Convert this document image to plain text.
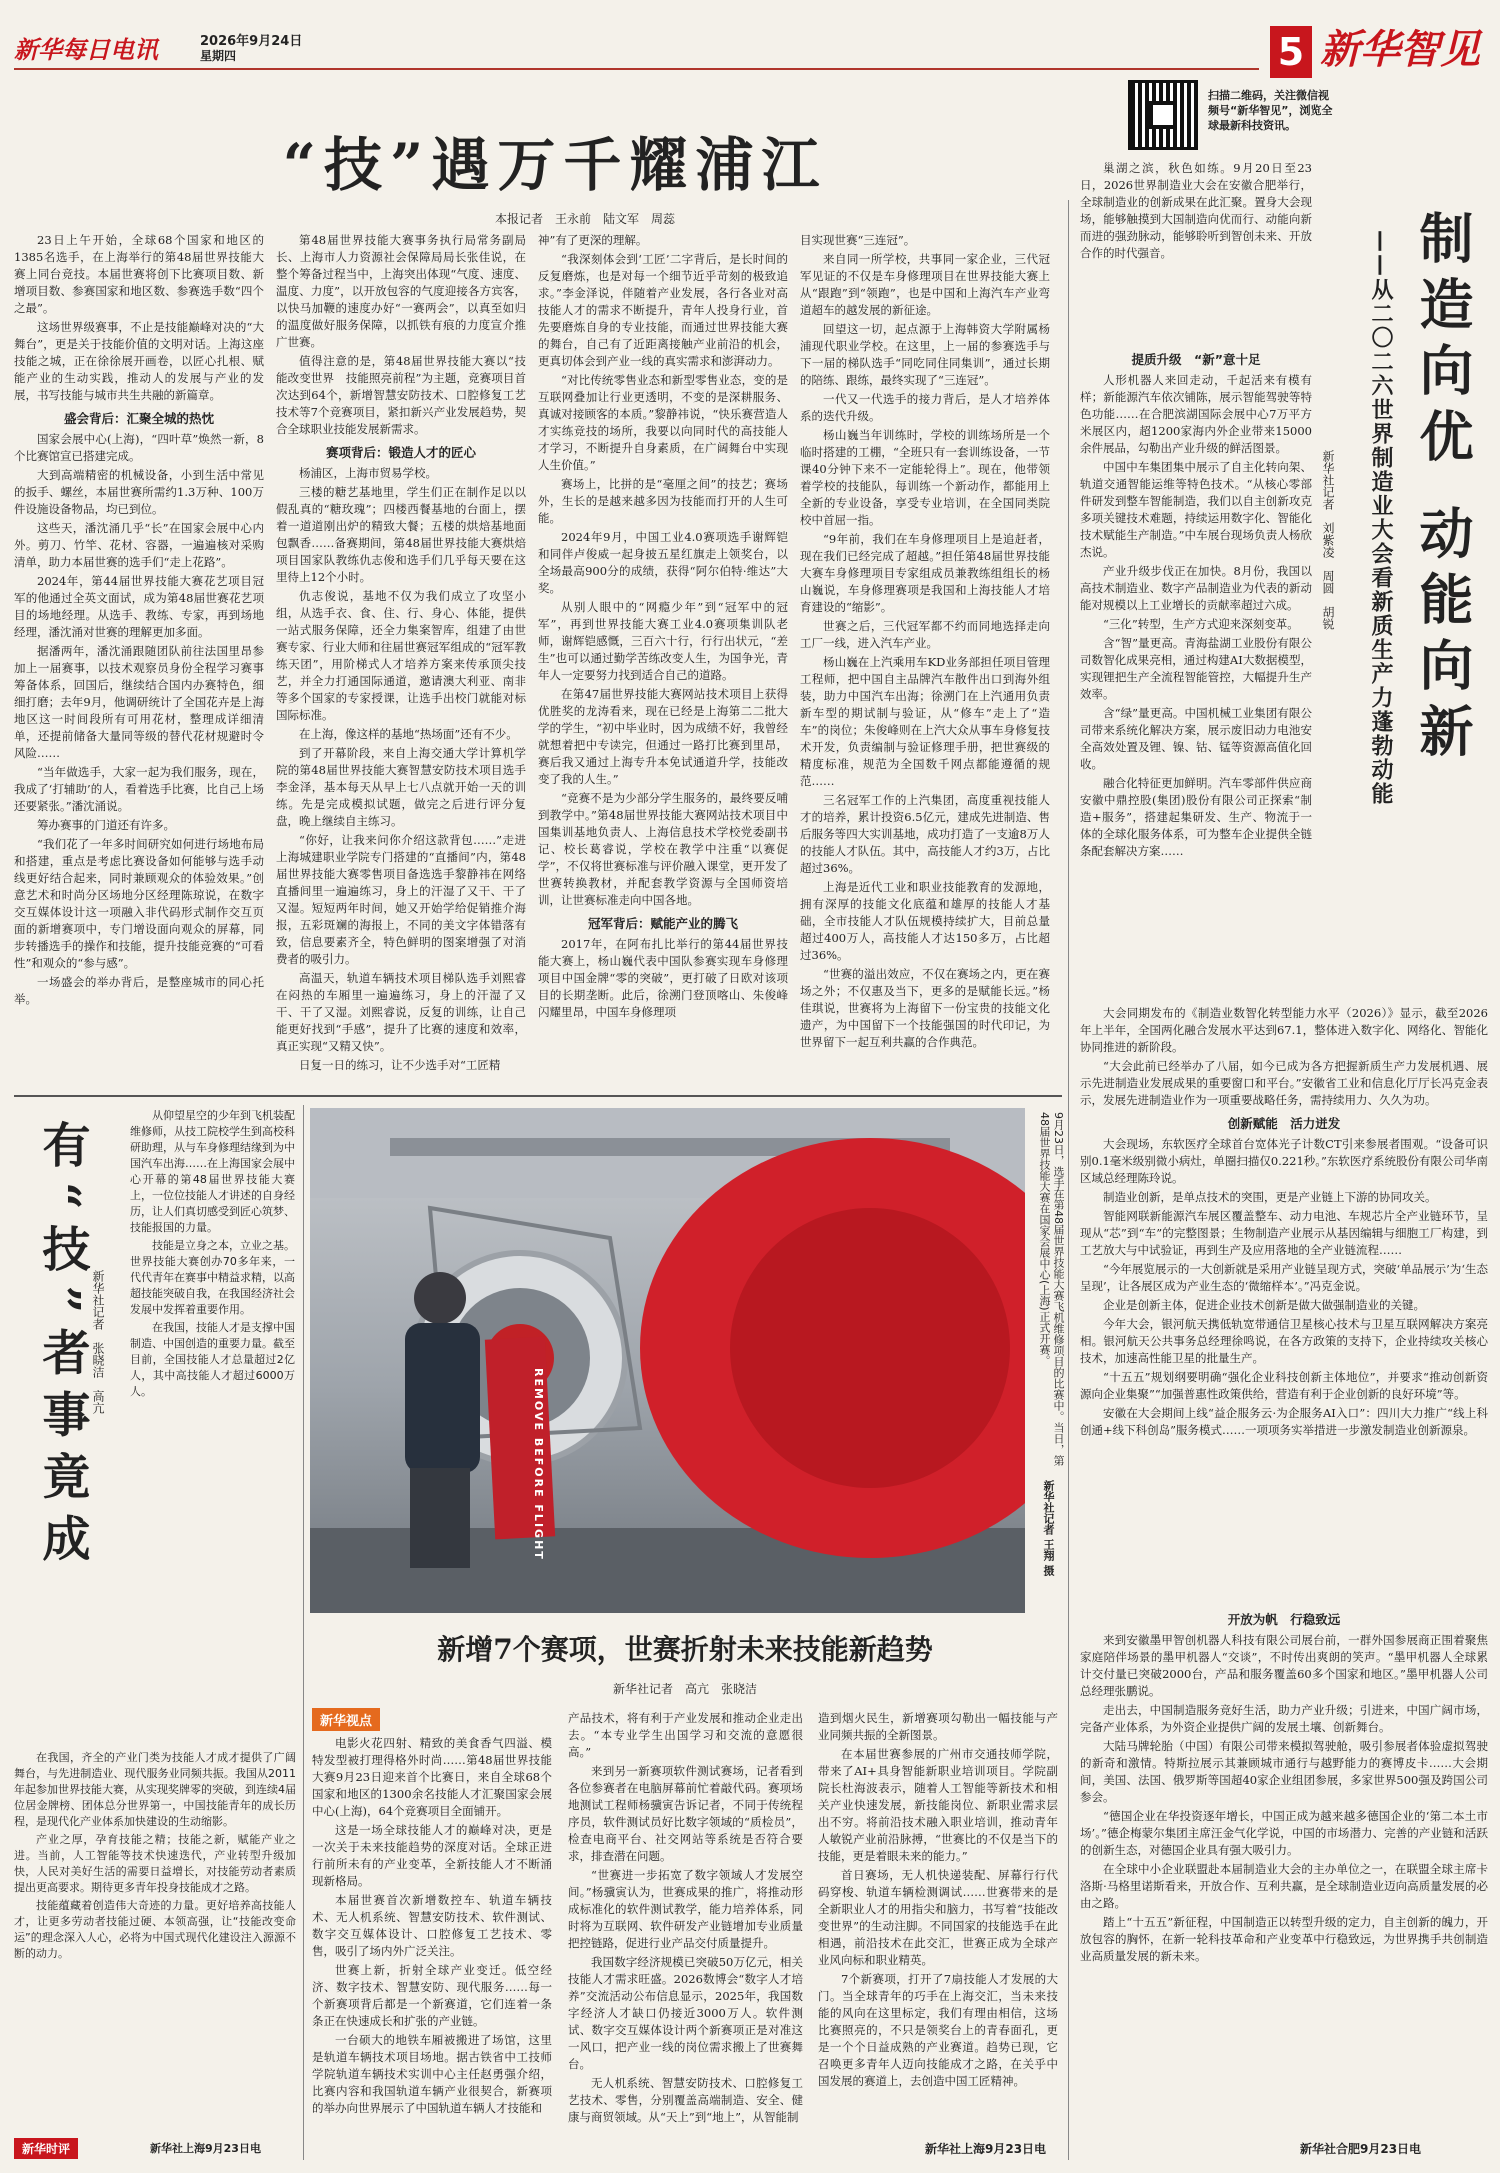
新华每日电讯	2026年9月24日
星期四	5 新华智见
扫描二维码，关注微信视频号“新华智见”，浏览全球最新科技资讯。
“技”遇万千耀浦江
本报记者　王永前　陆文军　周蕊

23日上午开始，全球68个国家和地区的1385名选手，在上海举行的第48届世界技能大赛上同台竞技。本届世赛将创下比赛项目数、新增项目数、参赛国家和地区数、参赛选手数“四个之最”。

这场世界级赛事，不止是技能巅峰对决的“大舞台”，更是关于技能价值的文明对话。上海这座技能之城，正在徐徐展开画卷，以匠心扎根、赋能产业的生动实践，推动人的发展与产业的发展，书写技能与城市共生共融的新篇章。

盛会背后：汇聚全城的热忱

国家会展中心(上海)，“四叶草”焕然一新，8个比赛馆宣已搭建完成。

大到高端精密的机械设备，小到生活中常见的扳手、螺丝，本届世赛所需约1.3万种、100万件设施设备物品，均已到位。

这些天，潘沈涌几乎“长”在国家会展中心内外。剪刀、竹竿、花材、容器，一遍遍核对采购清单，助力本届世赛的选手们“走上花路”。

2024年，第44届世界技能大赛花艺项目冠军的他通过全英文面试，成为第48届世赛花艺项目的场地经理。从选手、教练、专家，再到场地经理，潘沈涌对世赛的理解更加多面。

据潘两年，潘沈涌跟随团队前往法国里昂参加上一届赛事，以技术观察员身份全程学习赛事筹备体系，回国后，继续结合国内办赛特色，细细打磨；去年9月，他调研统计了全国花卉是上海地区这一时间段所有可用花材，整理成详细清单，还提前储备大量同等级的替代花材规避时令风险……

“当年做选手，大家一起为我们服务，现在，我成了‘打辅助’的人，看着选手比赛，比自己上场还要紧张。”潘沈涌说。

筹办赛事的门道还有许多。

“我们花了一年多时间研究如何进行场地布局和搭建，重点是考虑比赛设备如何能够与选手动线更好结合起来，同时兼顾观众的体验效果。”创意艺术和时尚分区场地分区经理陈琼说，在数字交互媒体设计这一项融入非代码形式制作交互页面的新增赛项中，专门增设面向观众的屏幕，同步转播选手的操作和技能，提升技能竞赛的“可看性”和观众的“参与感”。

一场盛会的举办背后，是整座城市的同心托举。

第48届世界技能大赛事务执行局常务副局长、上海市人力资源社会保障局局长张佳说，在整个筹备过程当中，上海突出体现“气度、速度、温度、力度”，以开放包容的气度迎接各方宾客，以快马加鞭的速度办好“一赛两会”，以真至如归的温度做好服务保障，以抓铁有痕的力度宣介推广世赛。

值得注意的是，第48届世界技能大赛以“技能改变世界　技能照亮前程”为主题，竞赛项目首次达到64个，新增智慧安防技术、口腔修复工艺技术等7个竞赛项目，紧扣新兴产业发展趋势，契合全球职业技能发展新需求。

赛项背后：锻造人才的匠心

杨浦区，上海市贸易学校。

三楼的糖艺基地里，学生们正在制作足以以假乱真的“糖玫瑰”；四楼西餐基地的台面上，摆着一道道刚出炉的精致大餐；五楼的烘焙基地面包飘香……备赛期间，第48届世界技能大赛烘焙项目国家队教练仇志俊和选手们几乎每天要在这里待上12个小时。

仇志俊说，基地不仅为我们成立了攻坚小组，从选手衣、食、住、行、身心、体能，提供一站式服务保障，还全力集案智库，组建了由世赛专家、行业大师和往届世赛冠军组成的“冠军教练天团”，用阶梯式人才培养方案来传承顶尖技艺，并全力打通国际通道，邀请澳大利亚、南非等多个国家的专家授课，让选手出校门就能对标国际标准。

在上海，像这样的基地“热场面”还有不少。

到了开幕阶段，来自上海交通大学计算机学院的第48届世界技能大赛智慧安防技术项目选手李金泽，基本每天从早上七八点就开始一天的训练。先是完成模拟试题，做完之后进行评分复盘，晚上继续自主练习。

“你好，让我来问你介绍这款背包……”走进上海城建职业学院专门搭建的“直播间”内，第48届世界技能大赛零售项目备选选手黎静祎在网络直播间里一遍遍练习，身上的汗湿了又干、干了又湿。短短两年时间，她又开始学给促销推介海报，五彩斑斓的海报上，不同的美文字体错落有致，信息要素齐全，特色鲜明的图案增强了对消费者的吸引力。

高温天，轨道车辆技术项目梯队选手刘熙睿在闷热的车厢里一遍遍练习，身上的汗湿了又干、干了又湿。刘熙睿说，反复的训练，让自己能更好找到“手感”，提升了比赛的速度和效率，真正实现“又精又快”。

日复一日的练习，让不少选手对“工匠精

神”有了更深的理解。

“我深刻体会到‘工匠’二字背后，是长时间的反复磨炼，也是对每一个细节近乎苛刻的极致追求。”李金泽说，伴随着产业发展，各行各业对高技能人才的需求不断提升，青年人投身行业，首先要磨炼自身的专业技能，而通过世界技能大赛的舞台，自己有了近距离接触产业前沿的机会，更真切体会到产业一线的真实需求和澎湃动力。

“对比传统零售业态和新型零售业态，变的是互联网叠加让行业更透明，不变的是深耕服务、真诚对接顾客的本质。”黎静祎说，“快乐赛营造人才实练竞技的场所，我要以向同时代的高技能人才学习，不断提升自身素质，在广阔舞台中实现人生价值。”

赛场上，比拼的是“毫厘之间”的技艺；赛场外，生长的是越来越多因为技能而打开的人生可能。

2024年9月，中国工业4.0赛项选手谢辉铠和同伴卢俊威一起身披五星红旗走上领奖台，以全场最高900分的成绩，获得“阿尔伯特·维达”大奖。

从别人眼中的“网瘾少年”到“冠军中的冠军”，再到世界技能大赛工业4.0赛项集训队老师，谢辉铠感慨，三百六十行，行行出状元，“差生”也可以通过勤学苦练改变人生，为国争光，青年人一定要努力找到适合自己的道路。

在第47届世界技能大赛网站技术项目上获得优胜奖的龙涛看来，现在已经是上海第二二批大学的学生，“初中毕业时，因为成绩不好，我曾经就想着把中专读完，但通过一路打比赛到里昂，赛后我又通过上海专升本免试通道升学，技能改变了我的人生。”

“竞赛不是为少部分学生服务的，最终要反哺到教学中。”第48届世界技能大赛网站技术项目中国集训基地负责人、上海信息技术学校党委副书记、校长葛睿说，学校在教学中注重“以赛促学”，不仅将世赛标准与评价融入课堂，更开发了世赛转换教材，并配套教学资源与全国师资培训，让世赛标准走向中国各地。

冠军背后：赋能产业的腾飞

2017年，在阿布扎比举行的第44届世界技能大赛上，杨山巍代表中国队参赛实现车身修理项目中国金牌“零的突破”，更打破了日欧对该项目的长期垄断。此后，徐溯门登顶喀山、朱俊峰闪耀里昂，中国车身修理项

目实现世赛“三连冠”。

来自同一所学校，共事同一家企业，三代冠军见证的不仅是车身修理项目在世界技能大赛上从“跟跑”到“领跑”，也是中国和上海汽车产业弯道超车的越发展的新征途。

回望这一切，起点源于上海韩资大学附属杨浦现代职业学校。在这里，上一届的参赛选手与下一届的梯队选手“同吃同住同集训”，通过长期的陪练、跟练，最终实现了“三连冠”。

一代又一代选手的接力背后，是人才培养体系的迭代升级。

杨山巍当年训练时，学校的训练场所是一个临时搭建的工棚，“全班只有一套训练设备，一节课40分钟下来不一定能轮得上”。现在，他带领着学校的技能队，每训练一个新动作，都能用上全新的专业设备，享受专业培训，在全国同类院校中首屈一指。

“9年前，我们在车身修理项目上是追赶者，现在我们已经完成了超越。”担任第48届世界技能大赛车身修理项目专家组成员兼教练组组长的杨山巍说，车身修理赛项是我国和上海技能人才培育建设的“缩影”。

世赛之后，三代冠军都不约而同地选择走向工厂一线，进入汽车产业。

杨山巍在上汽乘用车KD业务部担任项目管理工程师，把中国自主品牌汽车散件出口到海外组装，助力中国汽车出海；徐溯门在上汽通用负责新车型的期试制与验证，从“修车”走上了“造车”的岗位；朱俊峰则在上汽大众从事车身修复技术开发，负责编制与验证修理手册，把世赛级的精度标准，规范为全国数千网点都能遵循的规范……

三名冠军工作的上汽集团，高度重视技能人才的培养，累计投资6.5亿元，建成先进制造、售后服务等四大实训基地，成功打造了一支逾8万人的技能人才队伍。其中，高技能人才约3万，占比超过36%。

上海是近代工业和职业技能教育的发源地，拥有深厚的技能文化底蕴和雄厚的技能人才基础，全市技能人才队伍规模持续扩大，目前总量超过400万人，高技能人才达150多万，占比超过36%。

“世赛的溢出效应，不仅在赛场之内，更在赛场之外；不仅惠及当下，更多的是赋能长远。”杨佳琪说，世赛将为上海留下一份宝贵的技能文化遗产，为中国留下一个技能强国的时代印记，为世界留下一起互利共赢的合作典范。

巢湖之滨，秋色如练。9月20日至23日，2026世界制造业大会在安徽合肥举行，全球制造业的创新成果在此汇聚。置身大会现场，能够触摸到大国制造向优而行、动能向新而进的强劲脉动，能够聆听到智创未来、开放合作的时代强音。	制造向优 动能向新
——从二〇二六世界制造业大会看新质生产力蓬勃动能
新华社记者　刘紫凌　周圆　胡锐
提质升级　“新”意十足

人形机器人来回走动，千起活来有模有样；新能源汽车依次铺陈，展示智能驾驶等特色功能……在合肥滨湖国际会展中心7万平方米展区内，超1200家海内外企业带来15000余件展品，勾勒出产业升级的鲜活图景。

中国中车集团集中展示了自主化转向架、轨道交通智能运维等特色技术。“从核心零部件研发到整车智能制造，我们以自主创新攻克多项关键技术难题，持续运用数字化、智能化技术赋能生产制造。”中车展台现场负责人杨欣杰说。

产业升级步伐正在加快。8月份，我国以高技术制造业、数字产品制造业为代表的新动能对规模以上工业增长的贡献率超过六成。

“三化”转型，生产方式迎来深刻变革。

含“智”量更高。青海盐湖工业股份有限公司数智化成果亮相，通过构建AI大数据模型，实现锂把生产全流程智能管控，大幅提升生产效率。

含“绿”量更高。中国机械工业集团有限公司带来系统化解决方案，展示废旧动力电池安全高效处置及锂、镍、钴、锰等资源高值化回收。

融合化特征更加鲜明。汽车零部件供应商安徽中鼎控股(集团)股份有限公司正探索“制造+服务”，搭建起集研发、生产、物流于一体的全球化服务体系，可为整车企业提供全链条配套解决方案……

大会同期发布的《制造业数智化转型能力水平（2026）》显示，截至2026年上半年，全国两化融合发展水平达到67.1，整体进入数字化、网络化、智能化协同推进的新阶段。

“大会此前已经举办了八届，如今已成为各方把握新质生产力发展机遇、展示先进制造业发展成果的重要窗口和平台。”安徽省工业和信息化厅厅长冯克金表示，发展先进制造业作为一项重要战略任务，需持续用力、久久为功。

创新赋能　活力迸发

大会现场，东软医疗全球首台宽体光子计数CT引来参展者围观。“设备可识别0.1毫米级别微小病灶，单圈扫描仅0.221秒。”东软医疗系统股份有限公司华南区域总经理陈玲说。

制造业创新，是单点技术的突围，更是产业链上下游的协同攻关。

智能网联新能源汽车展区覆盖整车、动力电池、车规芯片全产业链环节，呈现从“芯”到“车”的完整图景；生物制造产业展示从基因编辑与细胞工厂构建，到工艺放大与中试验证，再到生产及应用落地的全产业链流程……

“今年展览展示的一大创新就是采用产业链呈现方式，突破‘单品展示’为‘生态呈现’，让各展区成为产业生态的‘微缩样本’。”冯克金说。

企业是创新主体，促进企业技术创新是做大做强制造业的关键。

今年大会，银河航天携低轨宽带通信卫星核心技术与卫星互联网解决方案亮相。银河航天公共事务总经理徐鸣说，在各方政策的支持下，企业持续攻关核心技术，加速高性能卫星的批量生产。

“十五五”规划纲要明确“强化企业科技创新主体地位”，并要求“推动创新资源向企业集聚”“加强普惠性政策供给，营造有利于企业创新的良好环境”等。

安徽在大会期间上线“益企服务云·为企服务AI入口”：四川大力推广“线上科创通+线下科创岛”服务模式……一项项务实举措进一步激发制造业创新源泉。

开放为帆　行稳致远

来到安徽墨甲智创机器人科技有限公司展台前，一群外国参展商正围着聚焦家庭陪伴场景的墨甲机器人“交谈”，不时传出爽朗的笑声。“墨甲机器人全球累计交付量已突破2000台，产品和服务覆盖60多个国家和地区。”墨甲机器人公司总经理张鹏说。

走出去，中国制造服务竞好生活，助力产业升级；引进来，中国广阔市场，完备产业体系，为外资企业提供广阔的发展土壤、创新舞台。

大陆马牌轮胎（中国）有限公司带来模拟驾驶舱，吸引参展者体验虚拟驾驶的新奇和激情。特斯拉展示其兼顾城市通行与越野能力的赛博皮卡……大会期间，美国、法国、俄罗斯等国超40家企业组团参展，多家世界500强及跨国公司参会。

“德国企业在华投资逐年增长，中国正成为越来越多德国企业的‘第二本土市场’。”德企梅蒙尔集团主席汪金气化学说，中国的市场潜力、完善的产业链和活跃的创新生态，对德国企业具有强大吸引力。

在全球中小企业联盟赴本届制造业大会的主办单位之一，在联盟全球主席卡洛斯·马格里诺斯看来，开放合作、互利共赢，是全球制造业迈向高质量发展的必由之路。

踏上“十五五”新征程，中国制造正以转型升级的定力，自主创新的魄力，开放包容的胸怀，在新一轮科技革命和产业变革中行稳致远，为世界携手共创制造业高质量发展的新未来。

新华社合肥9月23日电
有“技”者事竟成 新华社记者　张晓洁　高亢

从仰望星空的少年到飞机装配维修师，从技工院校学生到高校科研助理，从与车身修理结缘到为中国汽车出海……在上海国家会展中心开幕的第48届世界技能大赛上，一位位技能人才讲述的自身经历，让人们真切感受到匠心筑梦、技能报国的力量。

技能是立身之本，立业之基。世界技能大赛创办70多年来，一代代青年在赛事中精益求精，以高超技能突破自我，在我国经济社会发展中发挥着重要作用。

在我国，技能人才是支撑中国制造、中国创造的重要力量。截至目前，全国技能人才总量超过2亿人，其中高技能人才超过6000万人。

在我国，齐全的产业门类为技能人才成才提供了广阔舞台，与先进制造业、现代服务业同频共振。我国从2011年起参加世界技能大赛，从实现奖牌零的突破，到连续4届位居金牌榜、团体总分世界第一，中国技能青年的成长历程，是现代化产业体系加快建设的生动缩影。

产业之厚，孕育技能之精；技能之新，赋能产业之进。当前，人工智能等技术快速迭代，产业转型升级加快，人民对美好生活的需要日益增长，对技能劳动者素质提出更高要求。期待更多青年投身技能成才之路。

技能蕴藏着创造伟大奇迹的力量。更好培养高技能人才，让更多劳动者技能过硬、本领高强，让“技能改变命运”的理念深入人心，必将为中国式现代化建设注入源源不断的动力。

新华时评	新华社上海9月23日电
REMOVE BEFORE FLIGHT	9月23日，选手在第48届世界技能大赛飞机维修项目的比赛中。当日，第48届世界技能大赛在国家会展中心(上海)正式开赛。
新华社记者 王翔 摄
新增7个赛项，世赛折射未来技能新趋势
新华社记者　高亢　张晓洁
新华视点

电影火花四射、精致的美食香气四溢、模特发型被打理得格外时尚……第48届世界技能大赛9月23日迎来首个比赛日，来自全球68个国家和地区的1300余名技能人才汇聚国家会展中心(上海)，64个竞赛项目全面铺开。

这是一场全球技能人才的巅峰对决，更是一次关于未来技能趋势的深度对话。全球正进行前所未有的产业变革，全新技能人才不断涌现新格局。

本届世赛首次新增数控车、轨道车辆技术、无人机系统、智慧安防技术、软件测试、数字交互媒体设计、口腔修复工艺技术、零售，吸引了场内外广泛关注。

世赛上新，折射全球产业变迁。低空经济、数字技术、智慧安防、现代服务……每一个新赛项背后都是一个新赛道，它们连着一条条正在快速成长和扩张的产业链。

一台硕大的地铁车厢被搬进了场馆，这里是轨道车辆技术项目场地。据古铁省中工技师学院轨道车辆技术实训中心主任赵勇强介绍，比赛内容和我国轨道车辆产业很契合，新赛项的举办向世界展示了中国轨道车辆人才技能和

产品技术，将有利于产业发展和推动企业走出去。“本专业学生出国学习和交流的意愿很高。”

来到另一新赛项软件测试赛场，记者看到各位参赛者在电脑屏幕前忙着敲代码。赛项场地测试工程师杨骥寅告诉记者，不同于传统程序员，软件测试员好比数字领域的“质检员”，检查电商平台、社交网站等系统是否符合要求，排查潜在问题。

“世赛进一步拓宽了数字领域人才发展空间。”杨骥寅认为，世赛成果的推广，将推动形成标准化的软件测试教学，能力培养体系，同时将为互联网、软件研发产业链增加专业质量把控链路，促进行业产品交付质量提升。

我国数字经济规模已突破50万亿元，相关技能人才需求旺盛。2026数博会“数字人才培养”交流活动公布信息显示，2025年，我国数字经济人才缺口仍接近3000万人。软件测试、数字交互媒体设计两个新赛项正是对准这一风口，把产业一线的岗位需求搬上了世赛舞台。

无人机系统、智慧安防技术、口腔修复工艺技术、零售，分别覆盖高端制造、安全、健康与商贸领域。从“天上”到“地上”，从智能制

造到烟火民生，新增赛项勾勒出一幅技能与产业同频共振的全新图景。

在本届世赛参展的广州市交通技师学院，带来了AI+具身智能新职业培训项目。学院副院长杜海波表示，随着人工智能等新技术和相关产业快速发展，新技能岗位、新职业需求层出不穷。将前沿技术融入职业培训，推动青年人敏锐产业前沿脉搏，“世赛比的不仅是当下的技能，更是着眼未来的能力。”

首日赛场，无人机快递装配、屏幕行行代码穿梭、轨道车辆检测调试……世赛带来的是全新职业人才的用指尖和脑力，书写着“技能改变世界”的生动注脚。不同国家的技能选手在此相遇，前沿技术在此交汇，世赛正成为全球产业风向标和职业精英。

7个新赛项，打开了7扇技能人才发展的大门。当全球青年的巧手在上海交汇，当未来技能的风向在这里标定，我们有理由相信，这场比赛照亮的，不只是领奖台上的青春面孔，更是一个个日益成熟的产业赛道。趋势已现，它召唤更多青年人迈向技能成才之路，在关乎中国发展的赛道上，去创造中国工匠精神。

新华社上海9月23日电
